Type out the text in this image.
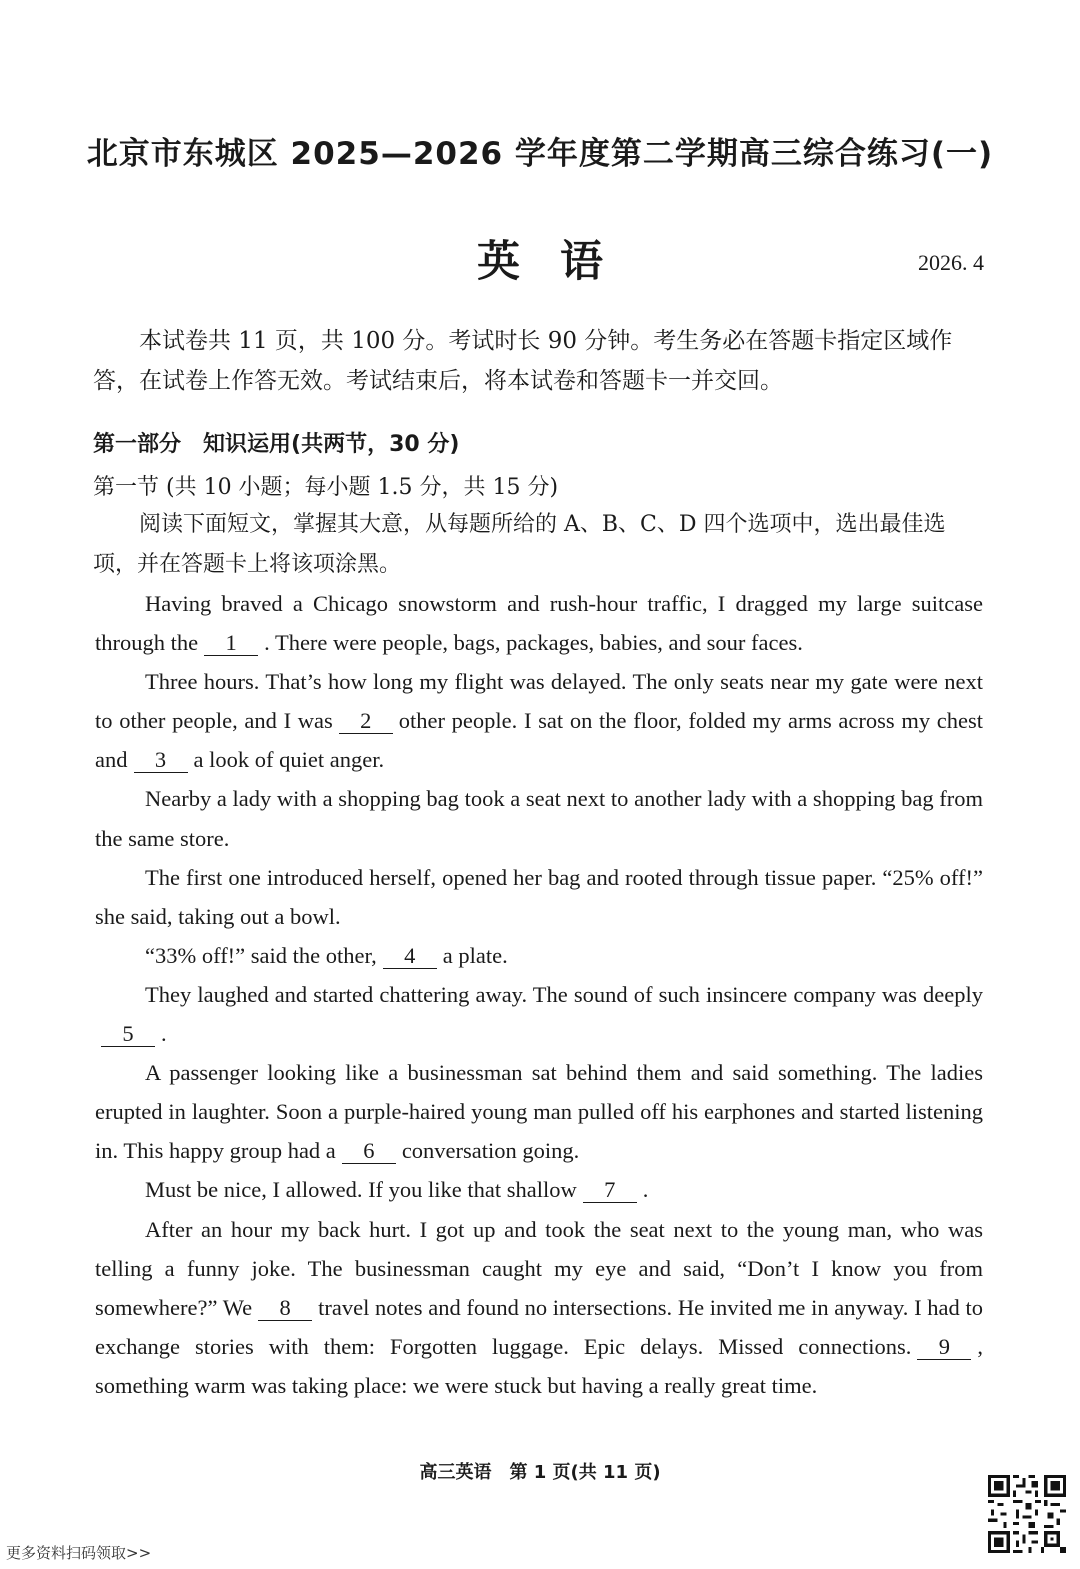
北京市东城区 2025—2026 学年度第二学期高三综合练习(一)
英语	2026. 4
本试卷共 11 页，共 100 分。考试时长 90 分钟。考生务必在答题卡指定区域作答，在试卷上作答无效。考试结束后，将本试卷和答题卡一并交回。
第一部分 知识运用(共两节，30 分)
第一节 (共 10 小题；每小题 1.5 分，共 15 分)
阅读下面短文，掌握其大意，从每题所给的 A、B、C、D 四个选项中，选出最佳选项，并在答题卡上将该项涂黑。

Having braved a Chicago snowstorm and rush-hour traffic, I dragged my large suitcase through the 1 . There were people, bags, packages, babies, and sour faces.

Three hours. That’s how long my flight was delayed. The only seats near my gate were next to other people, and I was 2 other people. I sat on the floor, folded my arms across my chest and 3 a look of quiet anger.

Nearby a lady with a shopping bag took a seat next to another lady with a shopping bag from the same store.

The first one introduced herself, opened her bag and rooted through tissue paper. “25% off!” she said, taking out a bowl.

“33% off!” said the other, 4 a plate.

They laughed and started chattering away. The sound of such insincere company was deeply5 .

A passenger looking like a businessman sat behind them and said something. The ladies erupted in laughter. Soon a purple-haired young man pulled off his earphones and started listening in. This happy group had a 6 conversation going.

Must be nice, I allowed. If you like that shallow 7 .

After an hour my back hurt. I got up and took the seat next to the young man, who was telling a funny joke. The businessman caught my eye and said, “Don’t I know you from somewhere?” We 8 travel notes and found no intersections. He invited me in anyway. I had to exchange stories with them: Forgotten luggage. Epic delays. Missed connections. 9 , something warm was taking place: we were stuck but having a really great time.

高三英语　第 1 页(共 11 页)
更多资料扫码领取>>
